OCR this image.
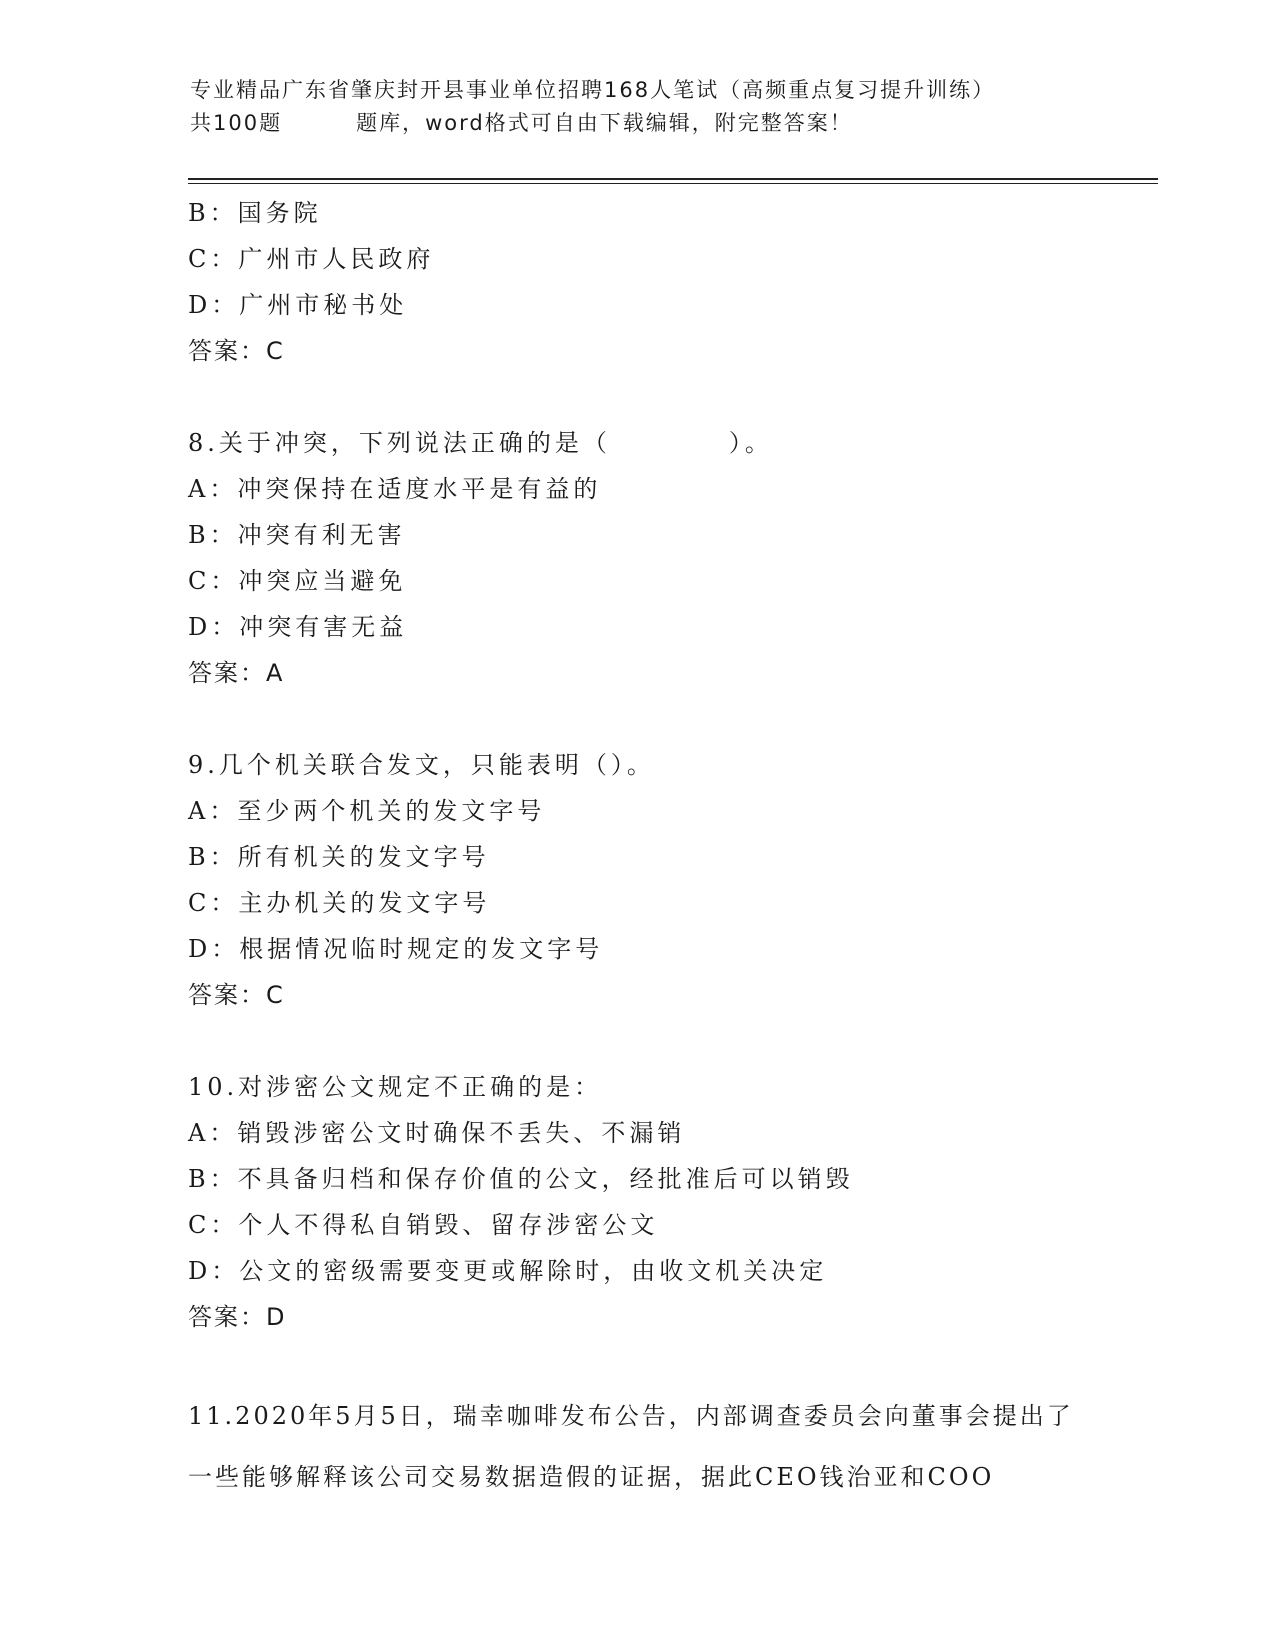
专业精品广东省肇庆封开县事业单位招聘168人笔试（高频重点复习提升训练）
共100题	题库，word格式可自由下载编辑，附完整答案！
B：国务院
C：广州市人民政府
D：广州市秘书处
答案：C
8.关于冲突，下列说法正确的是（	）。
A：冲突保持在适度水平是有益的
B：冲突有利无害
C：冲突应当避免
D：冲突有害无益
答案：A
9.几个机关联合发文，只能表明（）。
A：至少两个机关的发文字号
B：所有机关的发文字号
C：主办机关的发文字号
D：根据情况临时规定的发文字号
答案：C
10.对涉密公文规定不正确的是：
A：销毁涉密公文时确保不丢失、不漏销
B：不具备归档和保存价值的公文，经批准后可以销毁
C：个人不得私自销毁、留存涉密公文
D：公文的密级需要变更或解除时，由收文机关决定
答案：D
11.2020年5月5日，瑞幸咖啡发布公告，内部调查委员会向董事会提出了一些能够解释该公司交易数据造假的证据，据此CEO钱治亚和COO
